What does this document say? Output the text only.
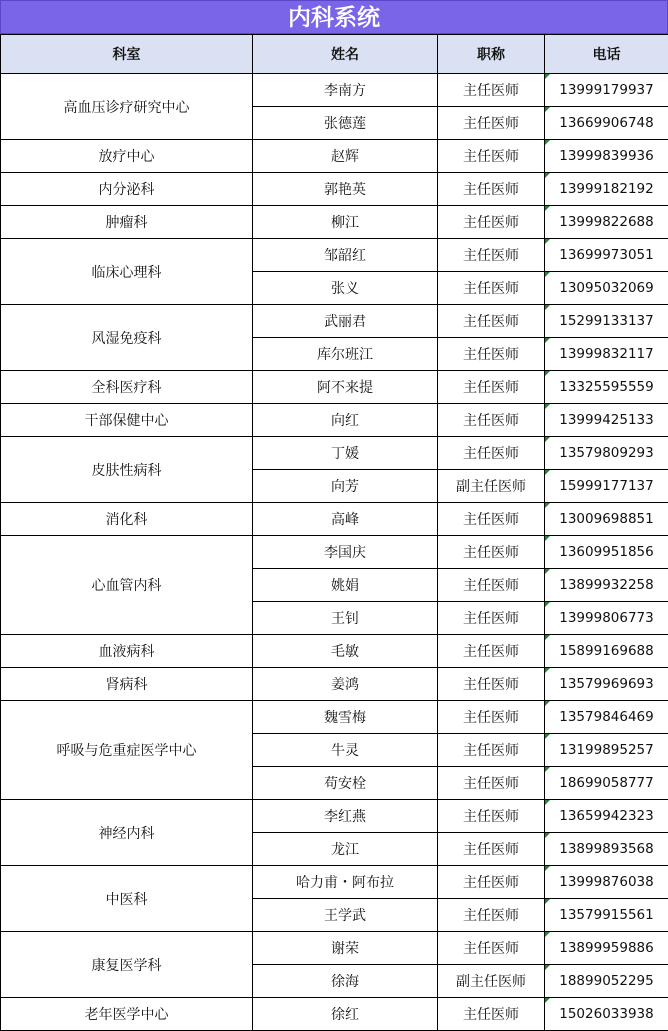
内科系统
科室	姓名	职称	电话
高血压诊疗研究中心	李南方	主任医师	13999179937
	张德莲	主任医师	13669906748
放疗中心	赵辉	主任医师	13999839936
内分泌科	郭艳英	主任医师	13999182192
肿瘤科	柳江	主任医师	13999822688
临床心理科	邹韶红	主任医师	13699973051
	张义	主任医师	13095032069
风湿免疫科	武丽君	主任医师	15299133137
	库尔班江	主任医师	13999832117
全科医疗科	阿不来提	主任医师	13325595559
干部保健中心	向红	主任医师	13999425133
皮肤性病科	丁媛	主任医师	13579809293
	向芳	副主任医师	15999177137
消化科	高峰	主任医师	13009698851
心血管内科	李国庆	主任医师	13609951856
	姚娟	主任医师	13899932258
	王钊	主任医师	13999806773
血液病科	毛敏	主任医师	15899169688
肾病科	姜鸿	主任医师	13579969693
呼吸与危重症医学中心	魏雪梅	主任医师	13579846469
	牛灵	主任医师	13199895257
	苟安栓	主任医师	18699058777
神经内科	李红燕	主任医师	13659942323
	龙江	主任医师	13899893568
中医科	哈力甫・阿布拉	主任医师	13999876038
	王学武	主任医师	13579915561
康复医学科	谢荣	主任医师	13899959886
	徐海	副主任医师	18899052295
老年医学中心	徐红	主任医师	15026033938
